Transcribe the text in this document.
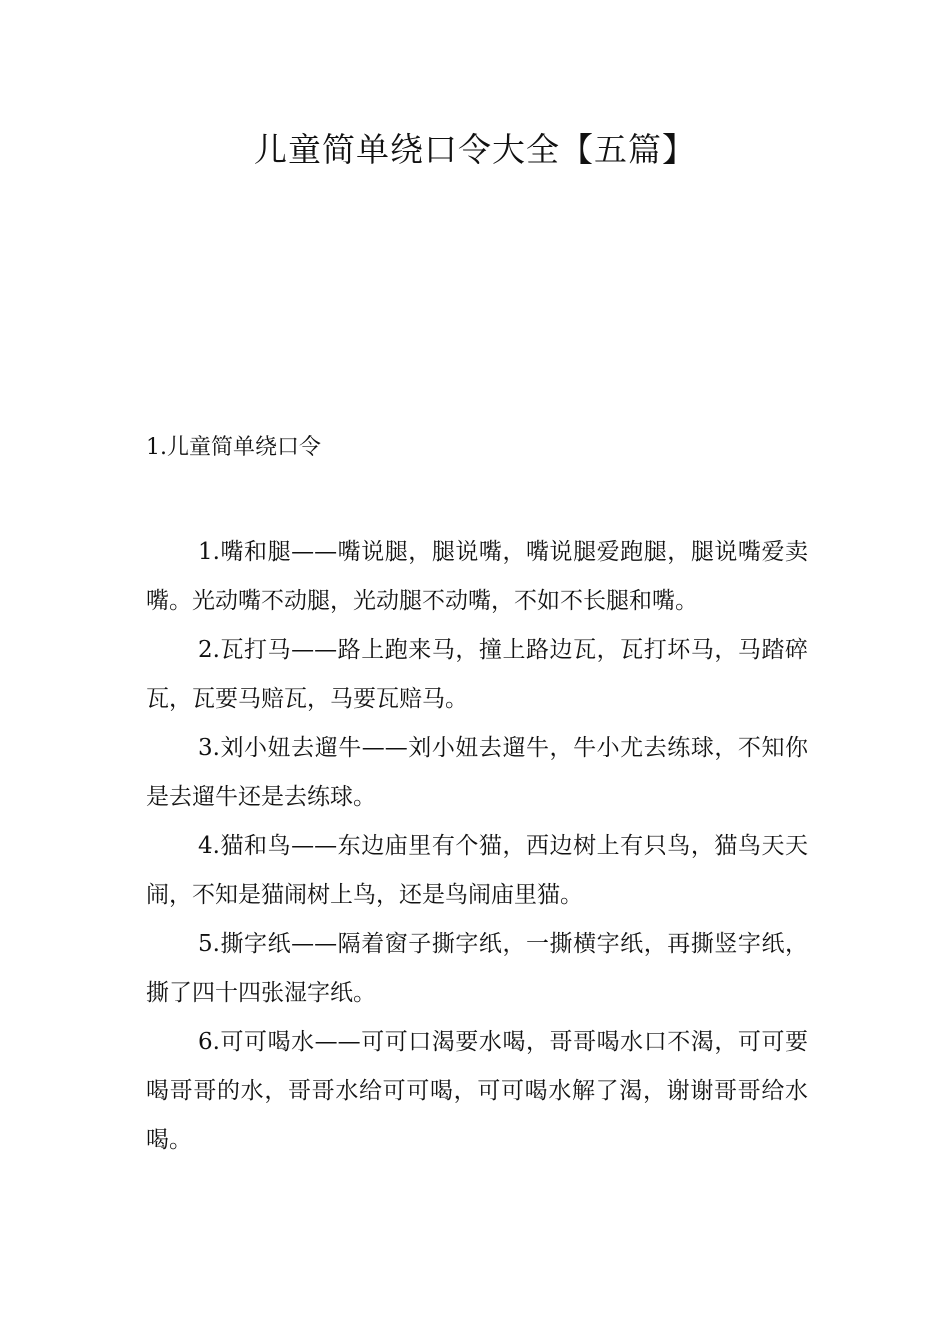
儿童简单绕口令大全【五篇】
1.儿童简单绕口令

1.嘴和腿——嘴说腿，腿说嘴，嘴说腿爱跑腿，腿说嘴爱卖嘴。光动嘴不动腿，光动腿不动嘴，不如不长腿和嘴。

2.瓦打马——路上跑来马，撞上路边瓦，瓦打坏马，马踏碎瓦，瓦要马赔瓦，马要瓦赔马。

3.刘小妞去遛牛——刘小妞去遛牛，牛小尤去练球，不知你是去遛牛还是去练球。

4.猫和鸟——东边庙里有个猫，西边树上有只鸟，猫鸟天天闹，不知是猫闹树上鸟，还是鸟闹庙里猫。

5.撕字纸——隔着窗子撕字纸，一撕横字纸，再撕竖字纸，撕了四十四张湿字纸。

6.可可喝水——可可口渴要水喝，哥哥喝水口不渴，可可要喝哥哥的水，哥哥水给可可喝，可可喝水解了渴，谢谢哥哥给水喝。
